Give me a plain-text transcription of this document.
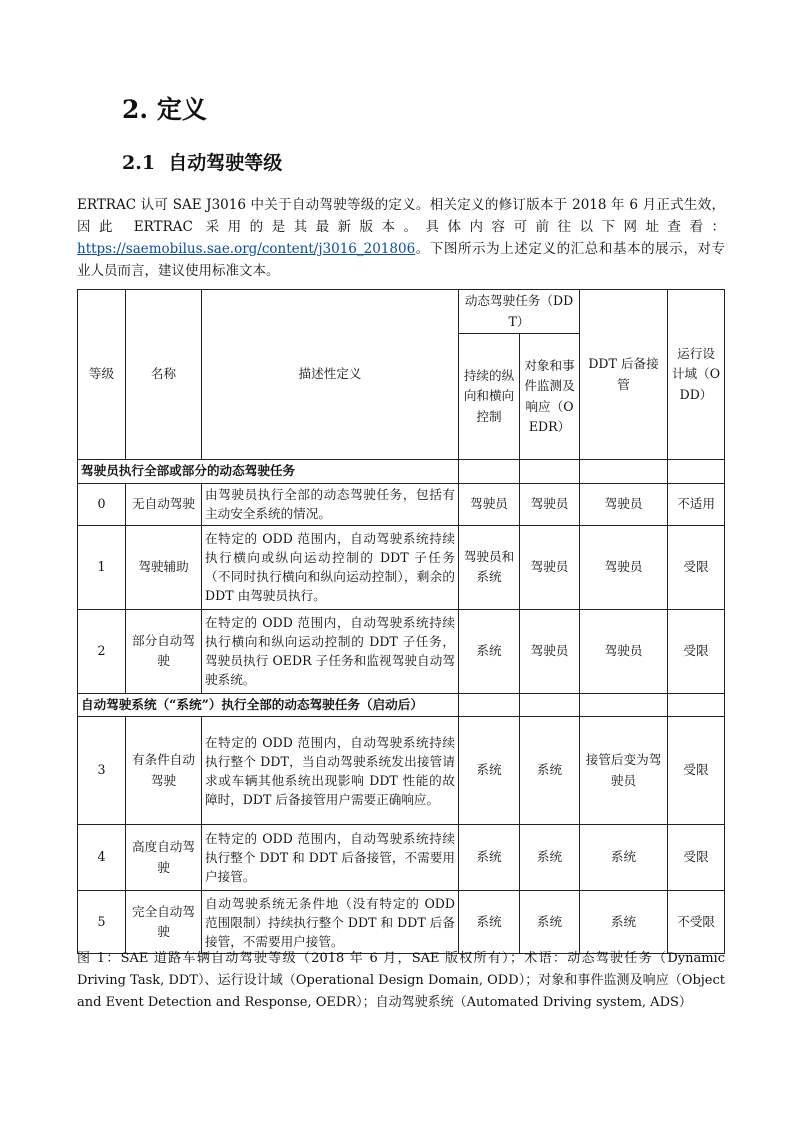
2. 定义
2.1 自动驾驶等级

ERTRAC 认可 SAE J3016 中关于自动驾驶等级的定义。相关定义的修订版本于 2018 年 6 月正式生效，因此 ERTRAC 采用的是其最新版本。具体内容可前往以下网址查看：https://saemobilus.sae.org/content/j3016_201806。下图所示为上述定义的汇总和基本的展示，对专业人员而言，建议使用标准文本。

等级	名称	描述性定义	动态驾驶任务（DDT）		DDT 后备接管	运行设计域（ODD）
			持续的纵向和横向控制	对象和事件监测及响应（OEDR）		
驾驶员执行全部或部分的动态驾驶任务						
0	无自动驾驶	由驾驶员执行全部的动态驾驶任务，包括有主动安全系统的情况。	驾驶员	驾驶员	驾驶员	不适用
1	驾驶辅助	在特定的 ODD 范围内，自动驾驶系统持续执行横向或纵向运动控制的 DDT 子任务（不同时执行横向和纵向运动控制），剩余的 DDT 由驾驶员执行。	驾驶员和系统	驾驶员	驾驶员	受限
2	部分自动驾驶	在特定的 ODD 范围内，自动驾驶系统持续执行横向和纵向运动控制的 DDT 子任务，驾驶员执行 OEDR 子任务和监视驾驶自动驾驶系统。	系统	驾驶员	驾驶员	受限
自动驾驶系统（“系统”）执行全部的动态驾驶任务（启动后）						
3	有条件自动驾驶	在特定的 ODD 范围内，自动驾驶系统持续执行整个 DDT，当自动驾驶系统发出接管请求或车辆其他系统出现影响 DDT 性能的故障时，DDT 后备接管用户需要正确响应。	系统	系统	接管后变为驾驶员	受限
4	高度自动驾驶	在特定的 ODD 范围内，自动驾驶系统持续执行整个 DDT 和 DDT 后备接管，不需要用户接管。	系统	系统	系统	受限
5	完全自动驾驶	自动驾驶系统无条件地（没有特定的 ODD 范围限制）持续执行整个 DDT 和 DDT 后备接管，不需要用户接管。	系统	系统	系统	不受限

图 1：SAE 道路车辆自动驾驶等级（2018 年 6 月，SAE 版权所有）；术语：动态驾驶任务（Dynamic Driving Task, DDT）、运行设计域（Operational Design Domain, ODD）；对象和事件监测及响应（Object and Event Detection and Response, OEDR）；自动驾驶系统（Automated Driving system, ADS）
